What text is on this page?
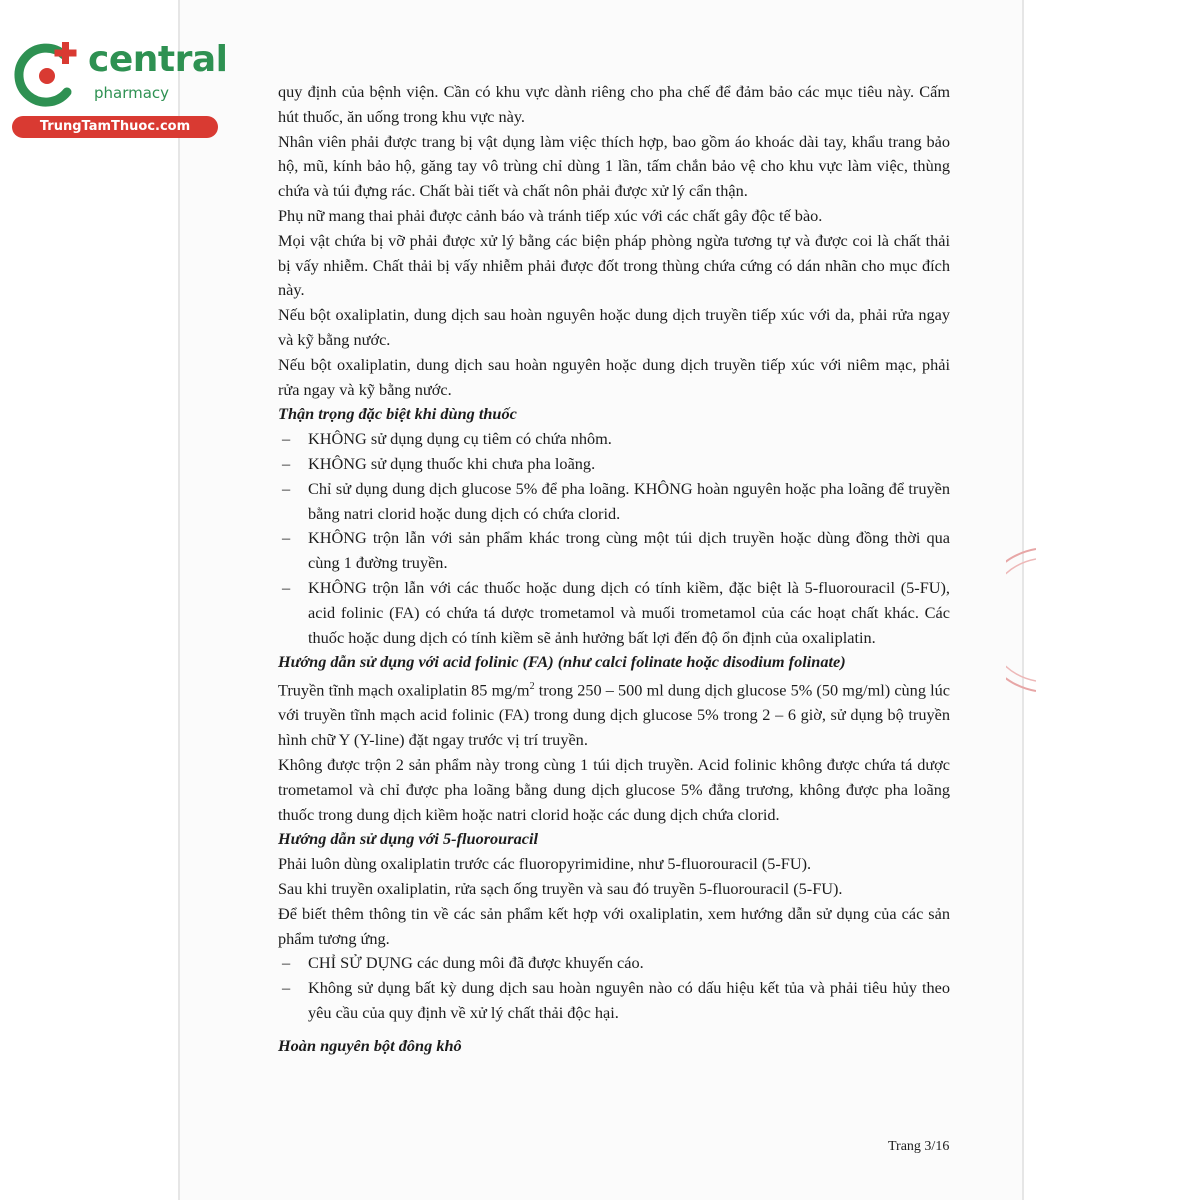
central
pharmacy
TrungTamThuoc.com

quy định của bệnh viện. Cần có khu vực dành riêng cho pha chế để đảm bảo các mục tiêu này. Cấm hút thuốc, ăn uống trong khu vực này.

Nhân viên phải được trang bị vật dụng làm việc thích hợp, bao gồm áo khoác dài tay, khẩu trang bảo hộ, mũ, kính bảo hộ, găng tay vô trùng chỉ dùng 1 lần, tấm chắn bảo vệ cho khu vực làm việc, thùng chứa và túi đựng rác. Chất bài tiết và chất nôn phải được xử lý cẩn thận.

Phụ nữ mang thai phải được cảnh báo và tránh tiếp xúc với các chất gây độc tế bào.

Mọi vật chứa bị vỡ phải được xử lý bằng các biện pháp phòng ngừa tương tự và được coi là chất thải bị vấy nhiễm. Chất thải bị vấy nhiễm phải được đốt trong thùng chứa cứng có dán nhãn cho mục đích này.

Nếu bột oxaliplatin, dung dịch sau hoàn nguyên hoặc dung dịch truyền tiếp xúc với da, phải rửa ngay và kỹ bằng nước.

Nếu bột oxaliplatin, dung dịch sau hoàn nguyên hoặc dung dịch truyền tiếp xúc với niêm mạc, phải rửa ngay và kỹ bằng nước.

Thận trọng đặc biệt khi dùng thuốc

– KHÔNG sử dụng dụng cụ tiêm có chứa nhôm.
– KHÔNG sử dụng thuốc khi chưa pha loãng.
– Chỉ sử dụng dung dịch glucose 5% để pha loãng. KHÔNG hoàn nguyên hoặc pha loãng để truyền bằng natri clorid hoặc dung dịch có chứa clorid.
– KHÔNG trộn lẫn với sản phẩm khác trong cùng một túi dịch truyền hoặc dùng đồng thời qua cùng 1 đường truyền.
– KHÔNG trộn lẫn với các thuốc hoặc dung dịch có tính kiềm, đặc biệt là 5-fluorouracil (5-FU), acid folinic (FA) có chứa tá dược trometamol và muối trometamol của các hoạt chất khác. Các thuốc hoặc dung dịch có tính kiềm sẽ ảnh hưởng bất lợi đến độ ổn định của oxaliplatin.

Hướng dẫn sử dụng với acid folinic (FA) (như calci folinate hoặc disodium folinate)

Truyền tĩnh mạch oxaliplatin 85 $mg/m^2$ trong 250 – 500 ml dung dịch glucose 5% (50 mg/ml) cùng lúc với truyền tĩnh mạch acid folinic (FA) trong dung dịch glucose 5% trong 2 – 6 giờ, sử dụng bộ truyền hình chữ Y (Y-line) đặt ngay trước vị trí truyền.

Không được trộn 2 sản phẩm này trong cùng 1 túi dịch truyền. Acid folinic không được chứa tá dược trometamol và chỉ được pha loãng bằng dung dịch glucose 5% đẳng trương, không được pha loãng thuốc trong dung dịch kiềm hoặc natri clorid hoặc các dung dịch chứa clorid.

Hướng dẫn sử dụng với 5-fluorouracil

Phải luôn dùng oxaliplatin trước các fluoropyrimidine, như 5-fluorouracil (5-FU).

Sau khi truyền oxaliplatin, rửa sạch ống truyền và sau đó truyền 5-fluorouracil (5-FU).

Để biết thêm thông tin về các sản phẩm kết hợp với oxaliplatin, xem hướng dẫn sử dụng của các sản phẩm tương ứng.

– CHỈ SỬ DỤNG các dung môi đã được khuyến cáo.
– Không sử dụng bất kỳ dung dịch sau hoàn nguyên nào có dấu hiệu kết tủa và phải tiêu hủy theo yêu cầu của quy định về xử lý chất thải độc hại.

Hoàn nguyên bột đông khô

Trang 3/16
